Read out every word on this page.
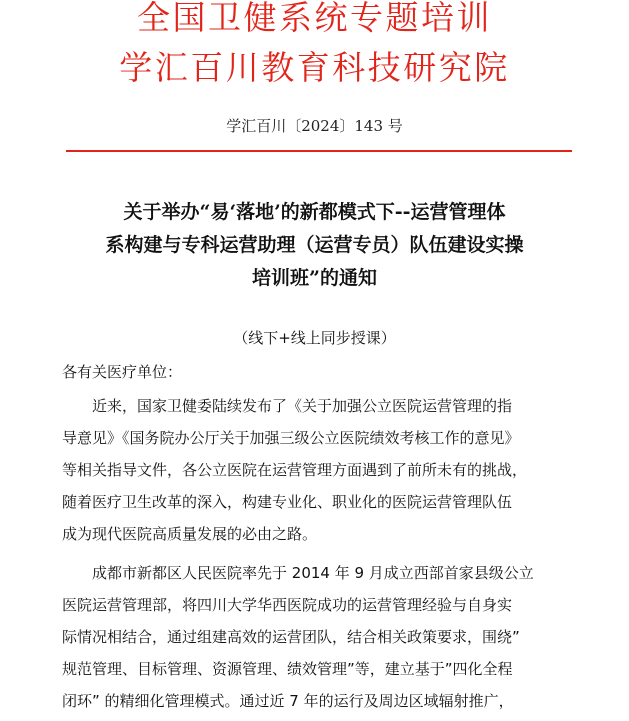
全国卫健系统专题培训
学汇百川教育科技研究院
学汇百川〔2024〕143 号
关于举办“易‘落地’的新都模式下--运营管理体
系构建与专科运营助理（运营专员）队伍建设实操
培训班”的通知
（线下+线上同步授课）
各有关医疗单位：
近来，国家卫健委陆续发布了《关于加强公立医院运营管理的指
导意见》《国务院办公厅关于加强三级公立医院绩效考核工作的意见》
等相关指导文件，各公立医院在运营管理方面遇到了前所未有的挑战，
随着医疗卫生改革的深入，构建专业化、职业化的医院运营管理队伍
成为现代医院高质量发展的必由之路。
成都市新都区人民医院率先于 2014 年 9 月成立西部首家县级公立
医院运营管理部，将四川大学华西医院成功的运营管理经验与自身实
际情况相结合，通过组建高效的运营团队，结合相关政策要求，围绕”
规范管理、目标管理、资源管理、绩效管理”等，建立基于”四化全程
闭环” 的精细化管理模式。通过近 7 年的运行及周边区域辐射推广，
